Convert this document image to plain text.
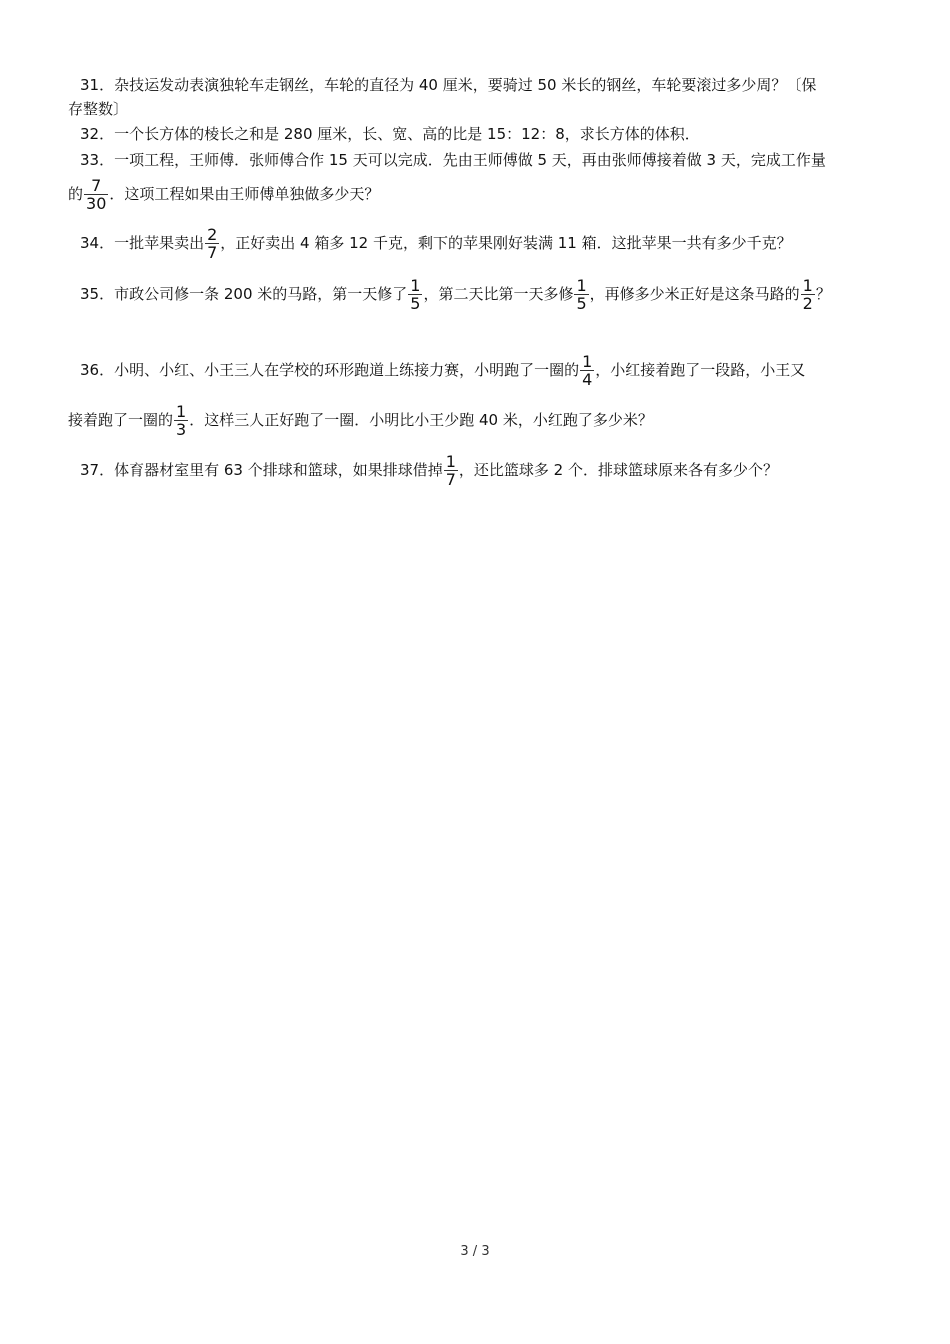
31．杂技运发动表演独轮车走钢丝，车轮的直径为 40 厘米，要骑过 50 米长的钢丝，车轮要滚过多少周？〔保
存整数〕
32．一个长方体的棱长之和是 280 厘米，长、宽、高的比是 15：12：8，求长方体的体积．
33．一项工程，王师傅．张师傅合作 15 天可以完成．先由王师傅做 5 天，再由张师傅接着做 3 天，完成工作量
的 $\frac{7}{30}$ ．这项工程如果由王师傅单独做多少天？
34．一批苹果卖出 $\frac{2}{7}$ ，正好卖出 4 箱多 12 千克，剩下的苹果刚好装满 11 箱．这批苹果一共有多少千克？
35．市政公司修一条 200 米的马路，第一天修了 $\frac{1}{5}$ ，第二天比第一天多修 $\frac{1}{5}$ ，再修多少米正好是这条马路的 $\frac{1}{2}$ ？
36．小明、小红、小王三人在学校的环形跑道上练接力赛，小明跑了一圈的 $\frac{1}{4}$ ，小红接着跑了一段路，小王又
接着跑了一圈的 $\frac{1}{3}$ ．这样三人正好跑了一圈．小明比小王少跑 40 米，小红跑了多少米？
37．体育器材室里有 63 个排球和篮球，如果排球借掉 $\frac{1}{7}$ ，还比篮球多 2 个．排球篮球原来各有多少个？
3 / 3
